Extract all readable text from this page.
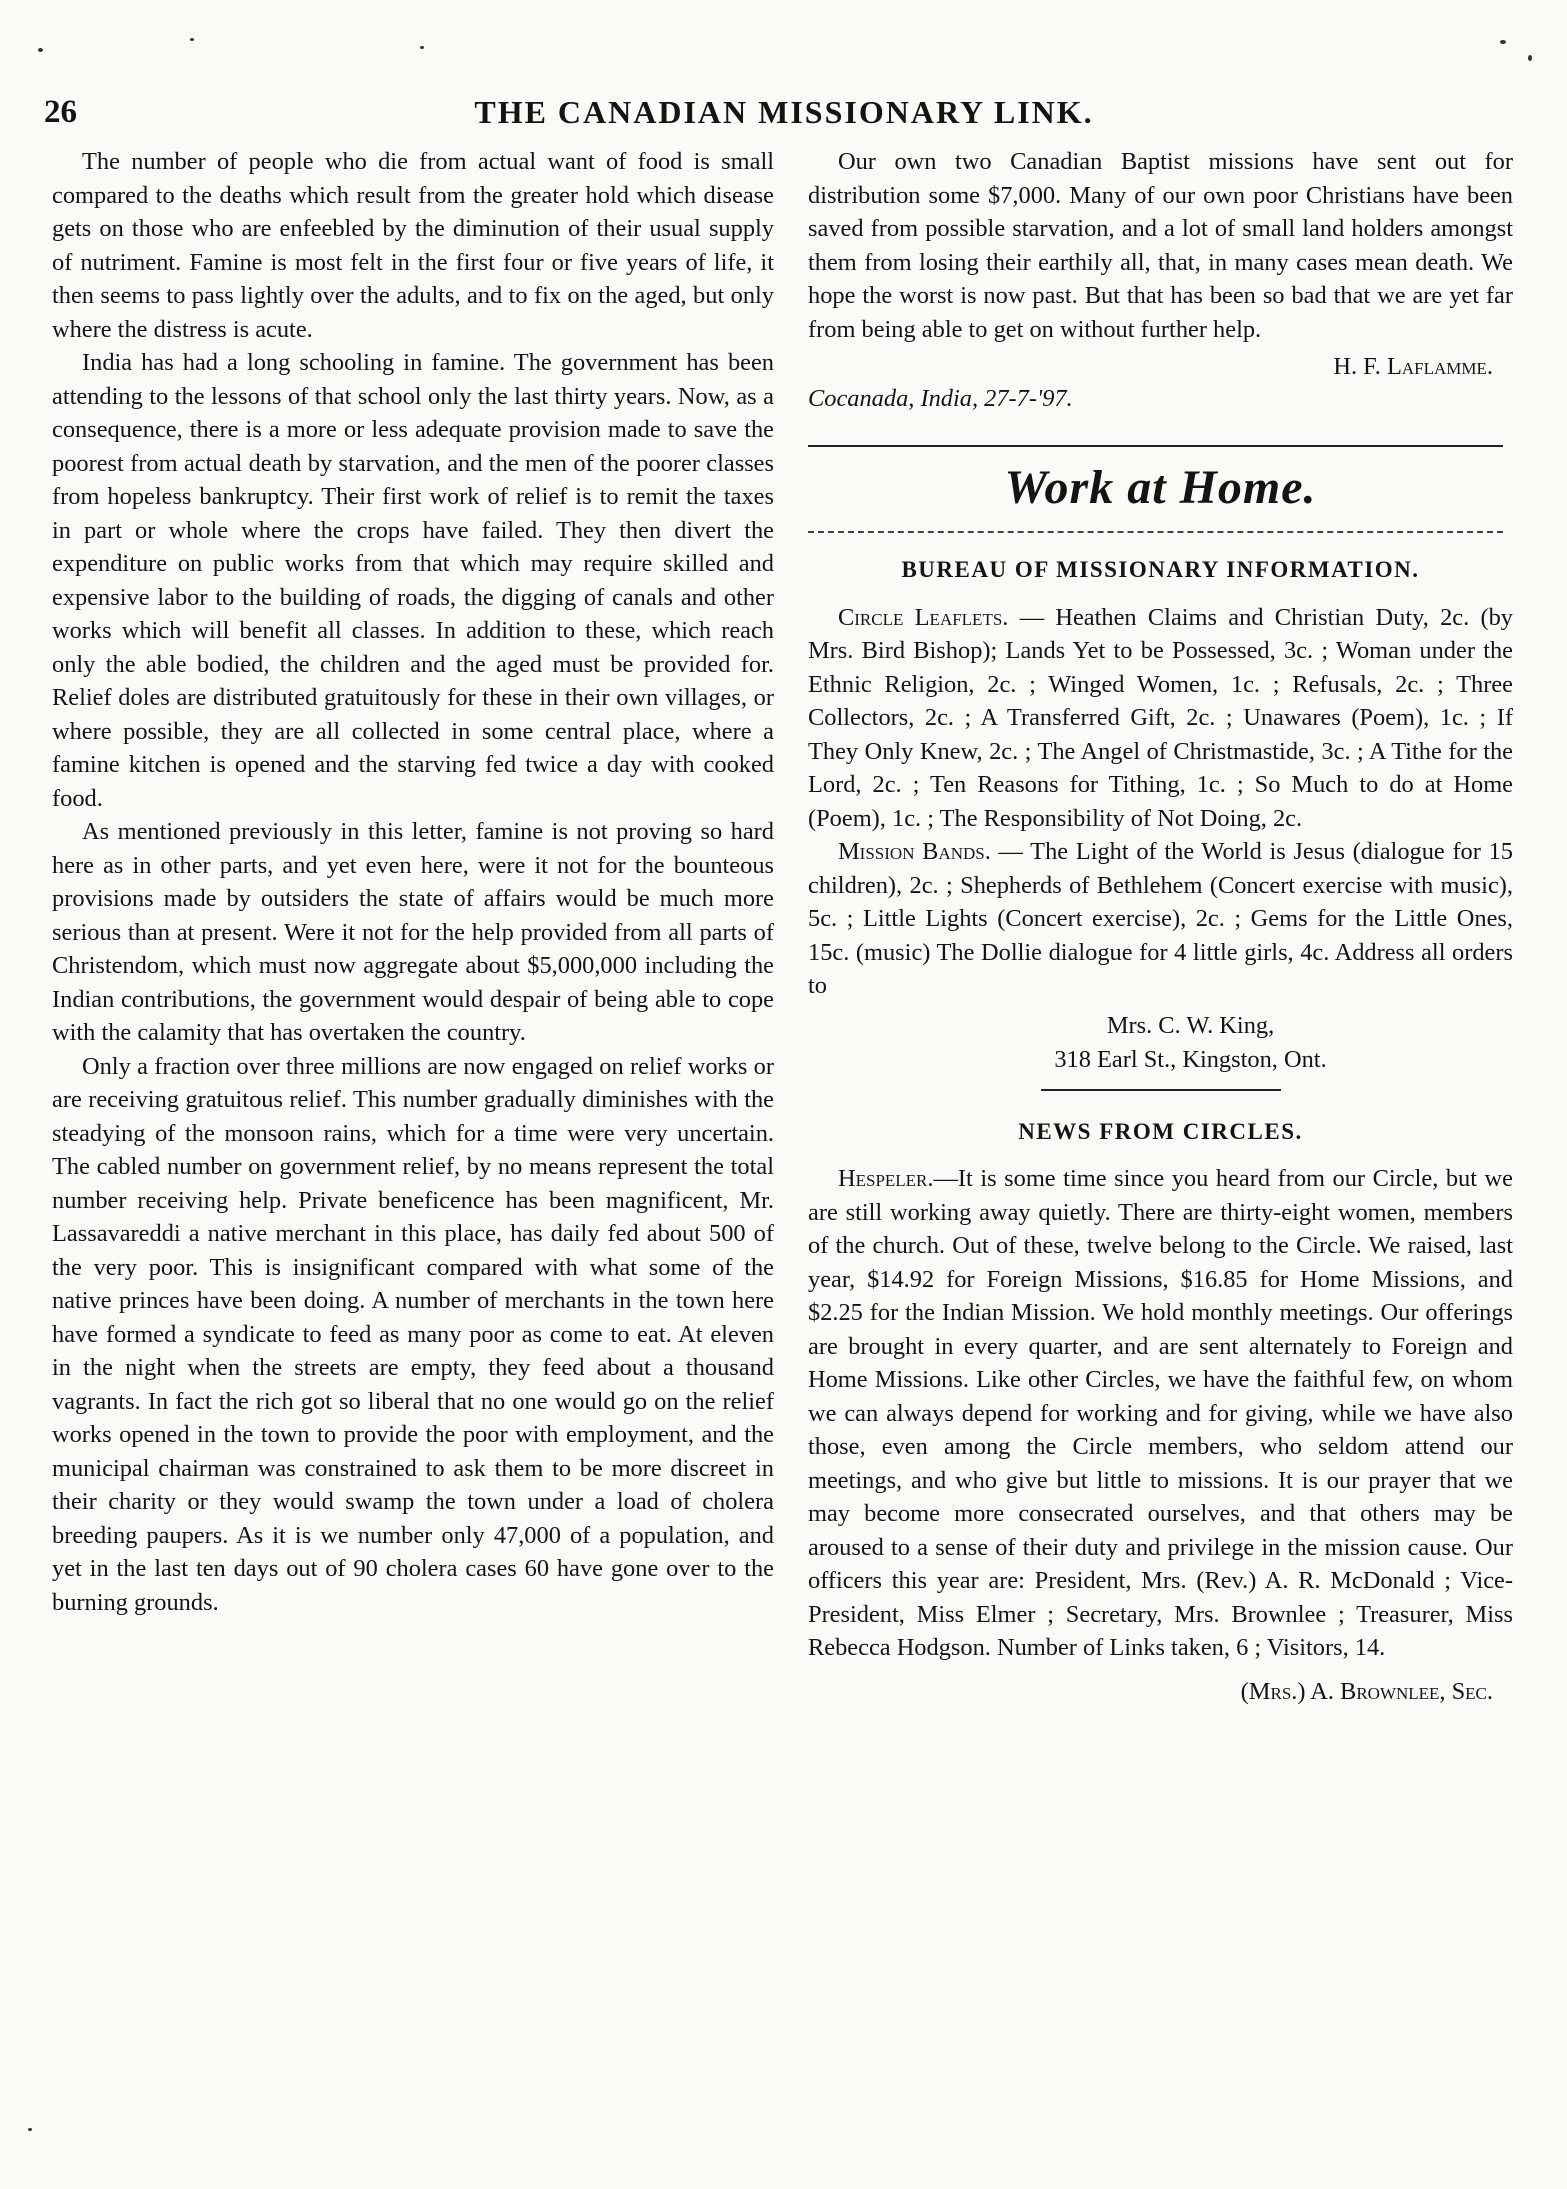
26	THE CANADIAN MISSIONARY LINK.

The number of people who die from actual want of food is small compared to the deaths which result from the greater hold which disease gets on those who are enfeebled by the diminution of their usual supply of nutriment. Famine is most felt in the first four or five years of life, it then seems to pass lightly over the adults, and to fix on the aged, but only where the distress is acute.

India has had a long schooling in famine. The government has been attending to the lessons of that school only the last thirty years. Now, as a consequence, there is a more or less adequate provision made to save the poorest from actual death by starvation, and the men of the poorer classes from hopeless bankruptcy. Their first work of relief is to remit the taxes in part or whole where the crops have failed. They then divert the expenditure on public works from that which may require skilled and expensive labor to the building of roads, the digging of canals and other works which will benefit all classes. In addition to these, which reach only the able bodied, the children and the aged must be provided for. Relief doles are distributed gratuitously for these in their own villages, or where possible, they are all collected in some central place, where a famine kitchen is opened and the starving fed twice a day with cooked food.

As mentioned previously in this letter, famine is not proving so hard here as in other parts, and yet even here, were it not for the bounteous provisions made by outsiders the state of affairs would be much more serious than at present. Were it not for the help provided from all parts of Christendom, which must now aggregate about $5,000,000 including the Indian contributions, the government would despair of being able to cope with the calamity that has overtaken the country.

Only a fraction over three millions are now engaged on relief works or are receiving gratuitous relief. This number gradually diminishes with the steadying of the monsoon rains, which for a time were very uncertain. The cabled number on government relief, by no means represent the total number receiving help. Private beneficence has been magnificent, Mr. Lassavareddi a native merchant in this place, has daily fed about 500 of the very poor. This is insignificant compared with what some of the native princes have been doing. A number of merchants in the town here have formed a syndicate to feed as many poor as come to eat. At eleven in the night when the streets are empty, they feed about a thousand vagrants. In fact the rich got so liberal that no one would go on the relief works opened in the town to provide the poor with employment, and the municipal chairman was constrained to ask them to be more discreet in their charity or they would swamp the town under a load of cholera breeding paupers. As it is we number only 47,000 of a population, and yet in the last ten days out of 90 cholera cases 60 have gone over to the burning grounds.

Our own two Canadian Baptist missions have sent out for distribution some $7,000. Many of our own poor Christians have been saved from possible starvation, and a lot of small land holders amongst them from losing their earthily all, that, in many cases mean death. We hope the worst is now past. But that has been so bad that we are yet far from being able to get on without further help.

H. F. Laflamme.
Cocanada, India, 27-7-'97.
Work at Home.
BUREAU OF MISSIONARY INFORMATION.

Circle Leaflets. — Heathen Claims and Christian Duty, 2c. (by Mrs. Bird Bishop); Lands Yet to be Possessed, 3c. ; Woman under the Ethnic Religion, 2c. ; Winged Women, 1c. ; Refusals, 2c. ; Three Collectors, 2c. ; A Transferred Gift, 2c. ; Unawares (Poem), 1c. ; If They Only Knew, 2c. ; The Angel of Christmastide, 3c. ; A Tithe for the Lord, 2c. ; Ten Reasons for Tithing, 1c. ; So Much to do at Home (Poem), 1c. ; The Responsibility of Not Doing, 2c.

Mission Bands. — The Light of the World is Jesus (dialogue for 15 children), 2c. ; Shepherds of Bethlehem (Concert exercise with music), 5c. ; Little Lights (Concert exercise), 2c. ; Gems for the Little Ones, 15c. (music) The Dollie dialogue for 4 little girls, 4c. Address all orders to

Mrs. C. W. King,
318 Earl St., Kingston, Ont.
NEWS FROM CIRCLES.

Hespeler.—It is some time since you heard from our Circle, but we are still working away quietly. There are thirty-eight women, members of the church. Out of these, twelve belong to the Circle. We raised, last year, $14.92 for Foreign Missions, $16.85 for Home Missions, and $2.25 for the Indian Mission. We hold monthly meetings. Our offerings are brought in every quarter, and are sent alternately to Foreign and Home Missions. Like other Circles, we have the faithful few, on whom we can always depend for working and for giving, while we have also those, even among the Circle members, who seldom attend our meetings, and who give but little to missions. It is our prayer that we may become more consecrated ourselves, and that others may be aroused to a sense of their duty and privilege in the mission cause. Our officers this year are: President, Mrs. (Rev.) A. R. McDonald ; Vice-President, Miss Elmer ; Secretary, Mrs. Brownlee ; Treasurer, Miss Rebecca Hodgson. Number of Links taken, 6 ; Visitors, 14.

(Mrs.) A. Brownlee, Sec.
